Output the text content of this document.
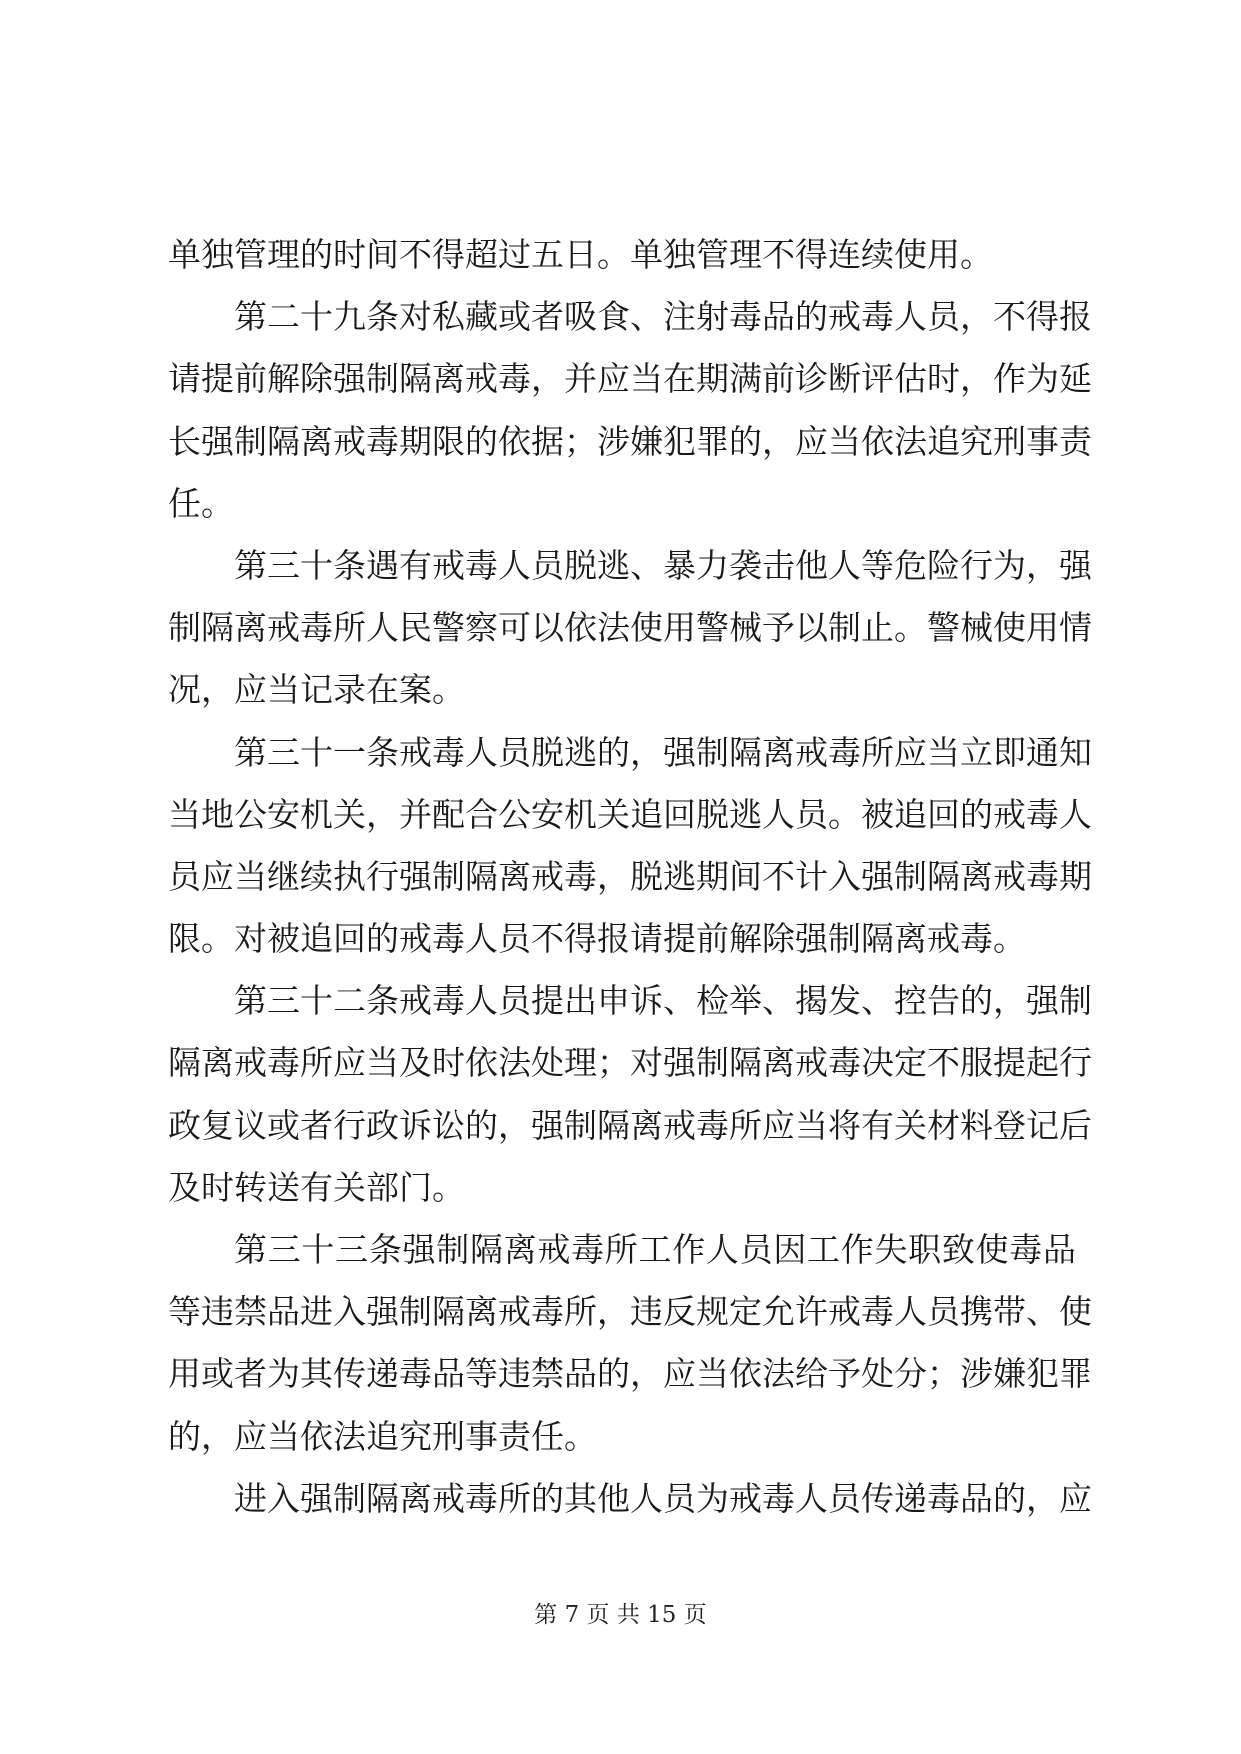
单独管理的时间不得超过五日。单独管理不得连续使用。
第二十九条对私藏或者吸食、注射毒品的戒毒人员，不得报
请提前解除强制隔离戒毒，并应当在期满前诊断评估时，作为延
长强制隔离戒毒期限的依据；涉嫌犯罪的，应当依法追究刑事责
任。
第三十条遇有戒毒人员脱逃、暴力袭击他人等危险行为，强
制隔离戒毒所人民警察可以依法使用警械予以制止。警械使用情
况，应当记录在案。
第三十一条戒毒人员脱逃的，强制隔离戒毒所应当立即通知
当地公安机关，并配合公安机关追回脱逃人员。被追回的戒毒人
员应当继续执行强制隔离戒毒，脱逃期间不计入强制隔离戒毒期
限。对被追回的戒毒人员不得报请提前解除强制隔离戒毒。
第三十二条戒毒人员提出申诉、检举、揭发、控告的，强制
隔离戒毒所应当及时依法处理；对强制隔离戒毒决定不服提起行
政复议或者行政诉讼的，强制隔离戒毒所应当将有关材料登记后
及时转送有关部门。
第三十三条强制隔离戒毒所工作人员因工作失职致使毒品
等违禁品进入强制隔离戒毒所，违反规定允许戒毒人员携带、使
用或者为其传递毒品等违禁品的，应当依法给予处分；涉嫌犯罪
的，应当依法追究刑事责任。
进入强制隔离戒毒所的其他人员为戒毒人员传递毒品的，应
第 7 页 共 15 页
